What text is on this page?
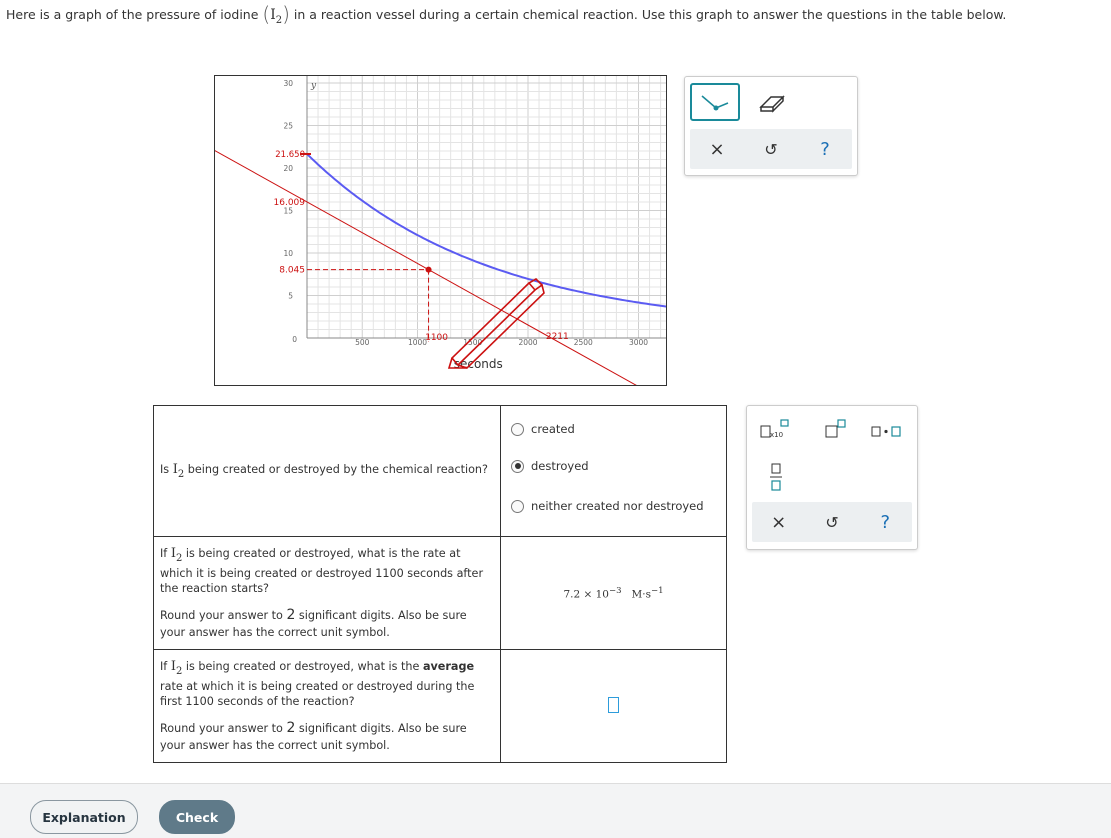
Here is a graph of the pressure of iodine $(I_2)$ in a reaction vessel during a certain chemical reaction. Use this graph to answer the questions in the table below.
0
5
10
15
20
25
30
500	1000	1500	2000	2500	3000
y
seconds
21.650
16.009
8.045
1100	2211
× ↺ ?
x10
× ↺ ?
Is $I_2$ being created or destroyed by the chemical reaction?	created
destroyed
neither created nor destroyed

If $I_2$ is being created or destroyed, what is the rate at
which it is being created or destroyed 1100 seconds after the reaction starts?

Round your answer to 2 significant digits. Also be sure your answer has the correct unit symbol.	$7.2 \times 10^{-3}$ $M\cdot s^{-1}$

If $I_2$ is being created or destroyed, what is the average
rate at which it is being created or destroyed during the first 1100 seconds of the reaction?

Round your answer to 2 significant digits. Also be sure your answer has the correct unit symbol.	

Explanation	Check
